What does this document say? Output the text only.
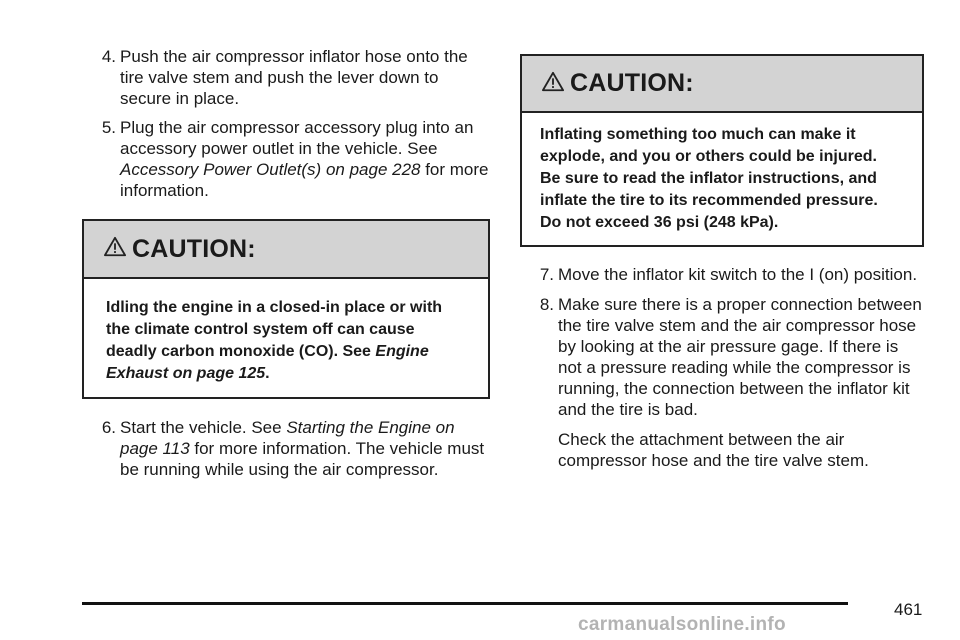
4. Push the air compressor inflator hose onto the tire valve stem and push the lever down to secure in place.
5. Plug the air compressor accessory plug into an accessory power outlet in the vehicle. See Accessory Power Outlet(s) on page 228 for more information.
CAUTION:
Idling the engine in a closed-in place or with the climate control system off can cause deadly carbon monoxide (CO). See Engine Exhaust on page 125.
6. Start the vehicle. See Starting the Engine on page 113 for more information. The vehicle must be running while using the air compressor.
CAUTION:
Inflating something too much can make it explode, and you or others could be injured. Be sure to read the inflator instructions, and inflate the tire to its recommended pressure. Do not exceed 36 psi (248 kPa).
7. Move the inflator kit switch to the I (on) position.
8. Make sure there is a proper connection between the tire valve stem and the air compressor hose by looking at the air pressure gage. If there is not a pressure reading while the compressor is running, the connection between the inflator kit and the tire is bad.
Check the attachment between the air compressor hose and the tire valve stem.
461
carmanualsonline.info
